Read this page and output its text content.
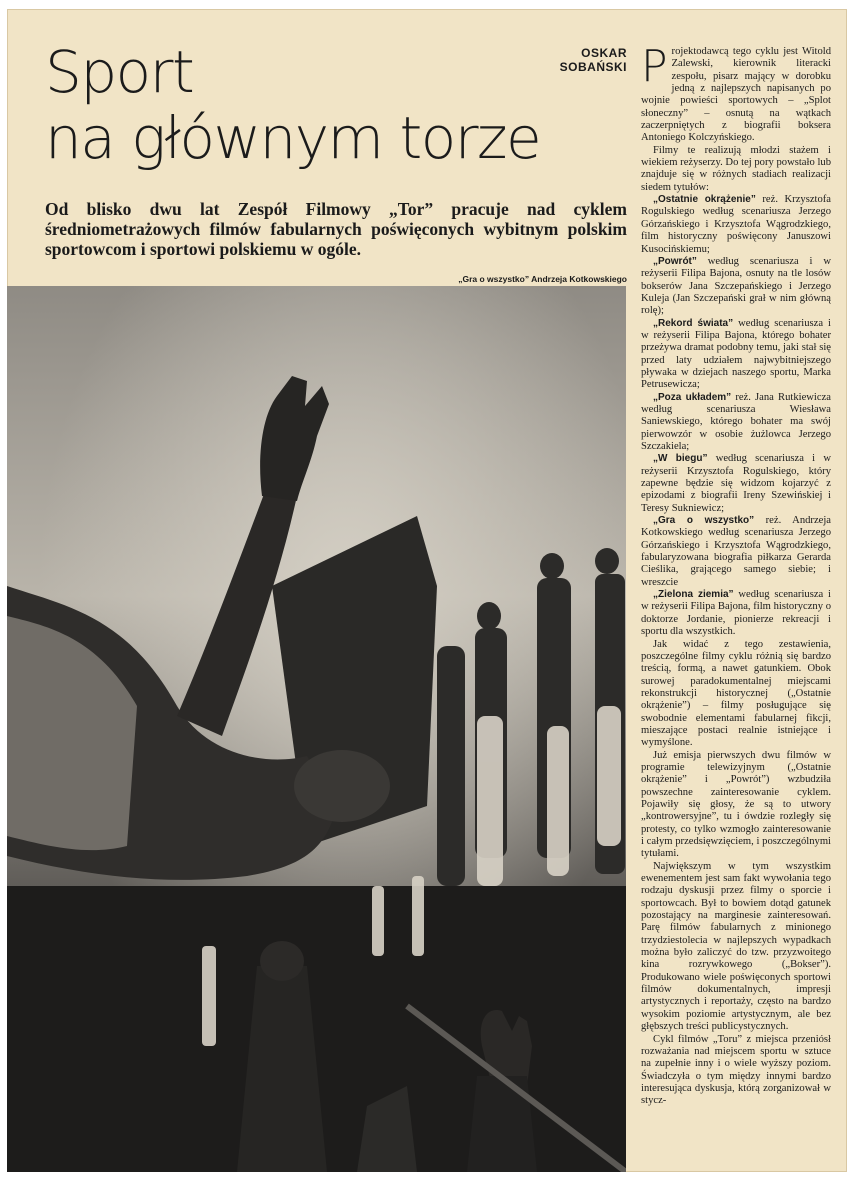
Sport
na głównym torze
OSKAR
SOBAŃSKI

Od blisko dwu lat Zespół Filmowy „Tor” pracuje nad cyklem średniometrażowych filmów fabularnych poświęconych wybitnym polskim sportowcom i sportowi polskiemu w ogóle.

„Gra o wszystko” Andrzeja Kotkowskiego
P rojektodawcą tego cyklu jest Witold Zalewski, kierownik literacki zespołu, pisarz mający w dorobku jedną z najlepszych napisanych po wojnie powieści sportowych – „Splot słoneczny” – osnutą na wątkach zaczerpniętych z biografii boksera Antoniego Kolczyńskiego.

Filmy te realizują młodzi stażem i wiekiem reżyserzy. Do tej pory powstało lub znajduje się w różnych stadiach realizacji siedem tytułów:

„Ostatnie okrążenie” reż. Krzysztofa Rogulskiego według scenariusza Jerzego Górzańskiego i Krzysztofa Wągrodzkiego, film historyczny poświęcony Januszowi Kusocińskiemu;

„Powrót” według scenariusza i w reżyserii Filipa Bajona, osnuty na tle losów bokserów Jana Szczepańskiego i Jerzego Kuleja (Jan Szczepański grał w nim główną rolę);

„Rekord świata” według scenariusza i w reżyserii Filipa Bajona, którego bohater przeżywa dramat podobny temu, jaki stał się przed laty udziałem najwybitniejszego pływaka w dziejach naszego sportu, Marka Petrusewicza;

„Poza układem” reż. Jana Rutkiewicza według scenariusza Wiesława Saniewskiego, którego bohater ma swój pierwowzór w osobie żużlowca Jerzego Szczakiela;

„W biegu” według scenariusza i w reżyserii Krzysztofa Rogulskiego, który zapewne będzie się widzom kojarzyć z epizodami z biografii Ireny Szewińskiej i Teresy Sukniewicz;

„Gra o wszystko” reż. Andrzeja Kotkowskiego według scenariusza Jerzego Górzańskiego i Krzysztofa Wągrodzkiego, fabularyzowana biografia piłkarza Gerarda Cieślika, grającego samego siebie; i wreszcie

„Zielona ziemia” według scenariusza i w reżyserii Filipa Bajona, film historyczny o doktorze Jordanie, pionierze rekreacji i sportu dla wszystkich.

Jak widać z tego zestawienia, poszczególne filmy cyklu różnią się bardzo treścią, formą, a nawet gatunkiem. Obok surowej paradokumentalnej miejscami rekonstrukcji historycznej („Ostatnie okrążenie”) – filmy posługujące się swobodnie elementami fabularnej fikcji, mieszające postaci realnie istniejące i wymyślone.

Już emisja pierwszych dwu filmów w programie telewizyjnym („Ostatnie okrążenie” i „Powrót”) wzbudziła powszechne zainteresowanie cyklem. Pojawiły się głosy, że są to utwory „kontrowersyjne”, tu i ówdzie rozległy się protesty, co tylko wzmogło zainteresowanie i całym przedsięwzięciem, i poszczególnymi tytułami.

Największym w tym wszystkim ewenementem jest sam fakt wywołania tego rodzaju dyskusji przez filmy o sporcie i sportowcach. Był to bowiem dotąd gatunek pozostający na marginesie zainteresowań. Parę filmów fabularnych z minionego trzydziestolecia w najlepszych wypadkach można było zaliczyć do tzw. przyzwoitego kina rozrywkowego („Bokser”). Produkowano wiele poświęconych sportowi filmów dokumentalnych, impresji artystycznych i reportaży, często na bardzo wysokim poziomie artystycznym, ale bez głębszych treści publicystycznych.

Cykl filmów „Toru” z miejsca przeniósł rozważania nad miejscem sportu w sztuce na zupełnie inny i o wiele wyższy poziom. Świadczyła o tym między innymi bardzo interesująca dyskusja, którą zorganizował w stycz-
